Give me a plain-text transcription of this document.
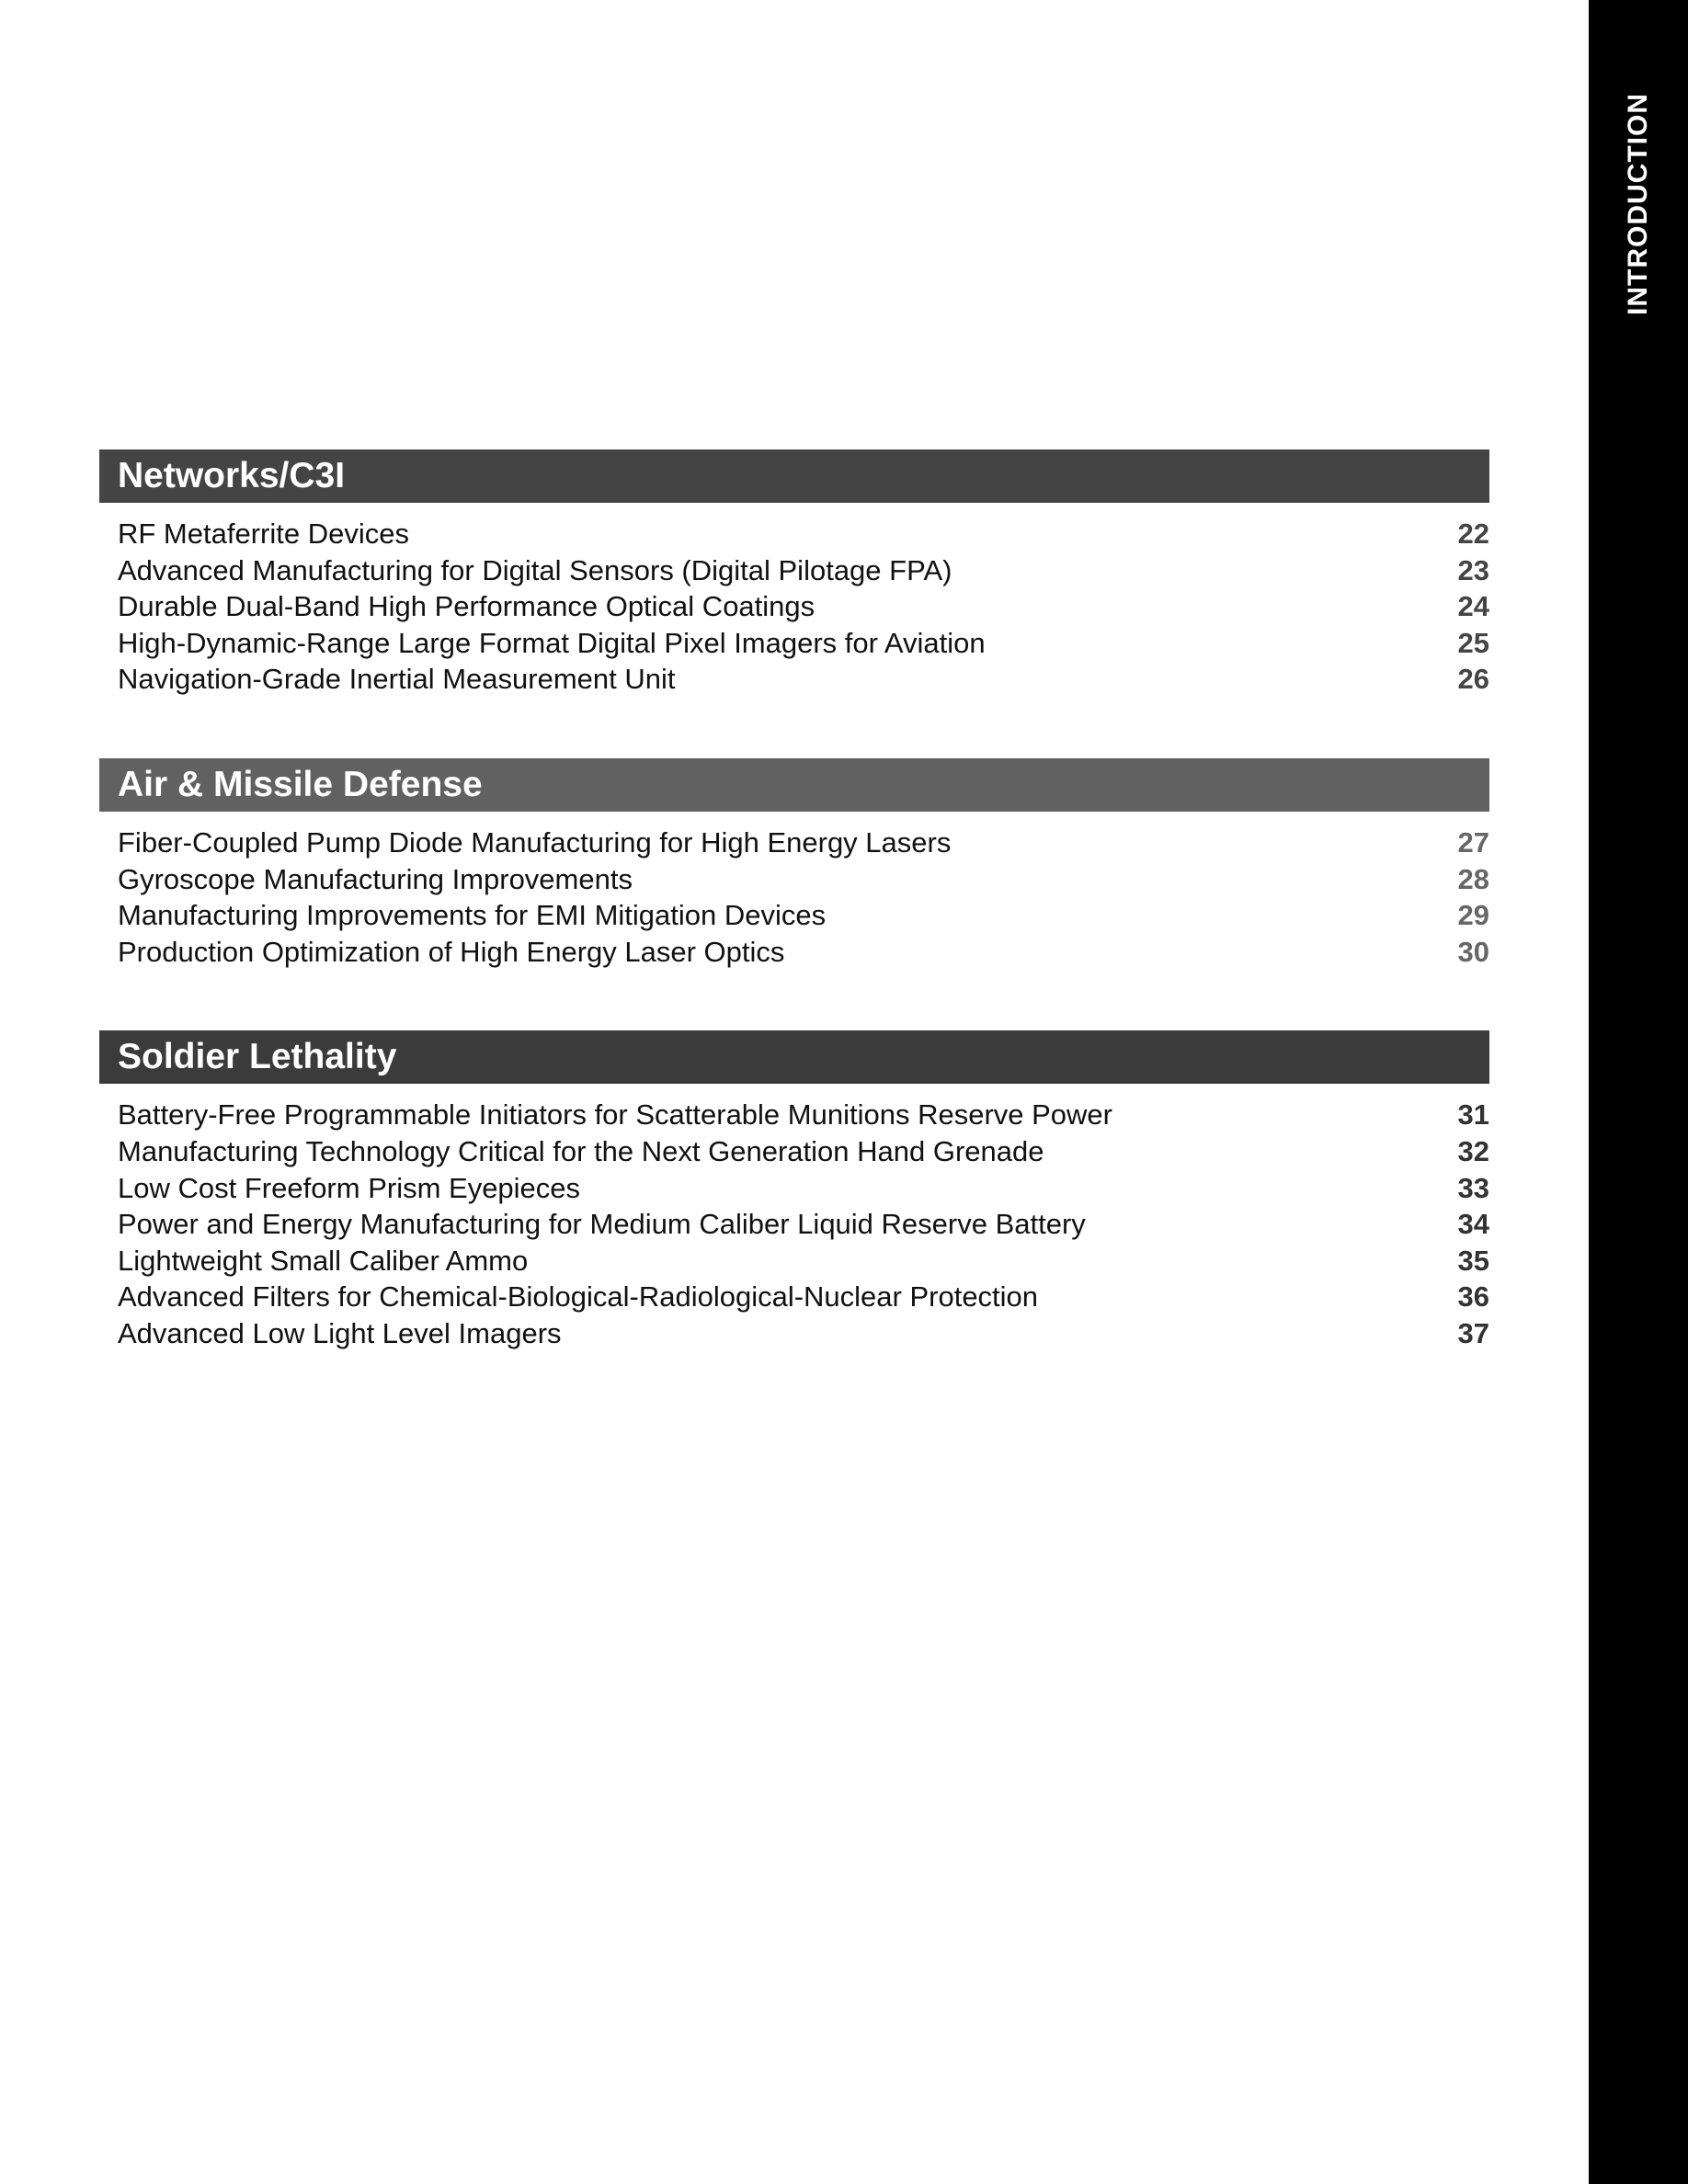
INTRODUCTION
Networks/C3I
RF Metaferrite Devices	22
Advanced Manufacturing for Digital Sensors (Digital Pilotage FPA)	23
Durable Dual-Band High Performance Optical Coatings	24
High-Dynamic-Range Large Format Digital Pixel Imagers for Aviation	25
Navigation-Grade Inertial Measurement Unit	26
Air & Missile Defense
Fiber-Coupled Pump Diode Manufacturing for High Energy Lasers	27
Gyroscope Manufacturing Improvements	28
Manufacturing Improvements for EMI Mitigation Devices	29
Production Optimization of High Energy Laser Optics	30
Soldier Lethality
Battery-Free Programmable Initiators for Scatterable Munitions Reserve Power	31
Manufacturing Technology Critical for the Next Generation Hand Grenade	32
Low Cost Freeform Prism Eyepieces	33
Power and Energy Manufacturing for Medium Caliber Liquid Reserve Battery	34
Lightweight Small Caliber Ammo	35
Advanced Filters for Chemical-Biological-Radiological-Nuclear Protection	36
Advanced Low Light Level Imagers	37
